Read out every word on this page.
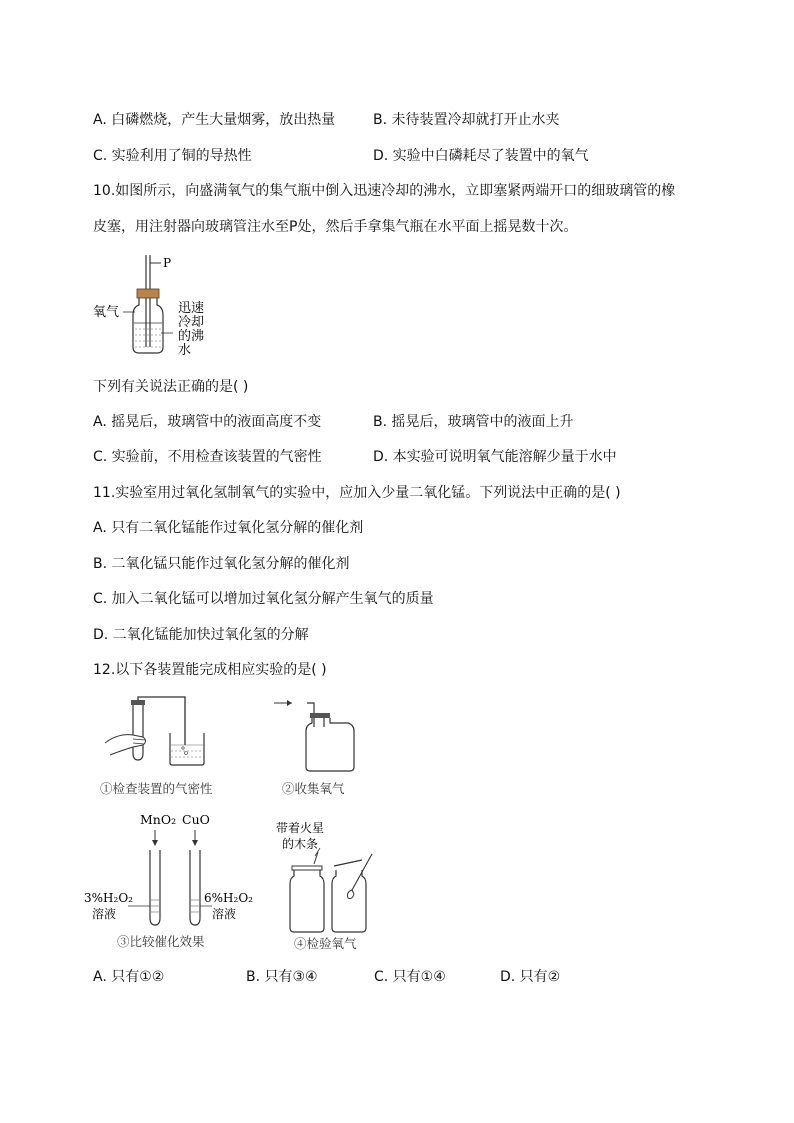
A. 白磷燃烧，产生大量烟雾，放出热量	B. 未待装置冷却就打开止水夹
C. 实验利用了铜的导热性	D. 实验中白磷耗尽了装置中的氧气
10.如图所示，向盛满氧气的集气瓶中倒入迅速冷却的沸水，立即塞紧两端开口的细玻璃管的橡
皮塞，用注射器向玻璃管注水至P处，然后手拿集气瓶在水平面上摇晃数十次。
P
氧气	迅速
冷却
的沸
水
下列有关说法正确的是( )
A. 摇晃后，玻璃管中的液面高度不变	B. 摇晃后，玻璃管中的液面上升
C. 实验前，不用检查该装置的气密性	D. 本实验可说明氧气能溶解少量于水中
11.实验室用过氧化氢制氧气的实验中，应加入少量二氧化锰。下列说法中正确的是( )
A. 只有二氧化锰能作过氧化氢分解的催化剂
B. 二氧化锰只能作过氧化氢分解的催化剂
C. 加入二氧化锰可以增加过氧化氢分解产生氧气的质量
D. 二氧化锰能加快过氧化氢的分解
12.以下各装置能完成相应实验的是( )
①检查装置的气密性	②收集氧气
MnO₂ CuO
3%H₂O₂
溶液
6%H₂O₂
溶液
③比较催化效果
带着火星
的木条
④检验氧气
A. 只有①②	B. 只有③④	C. 只有①④	D. 只有②
